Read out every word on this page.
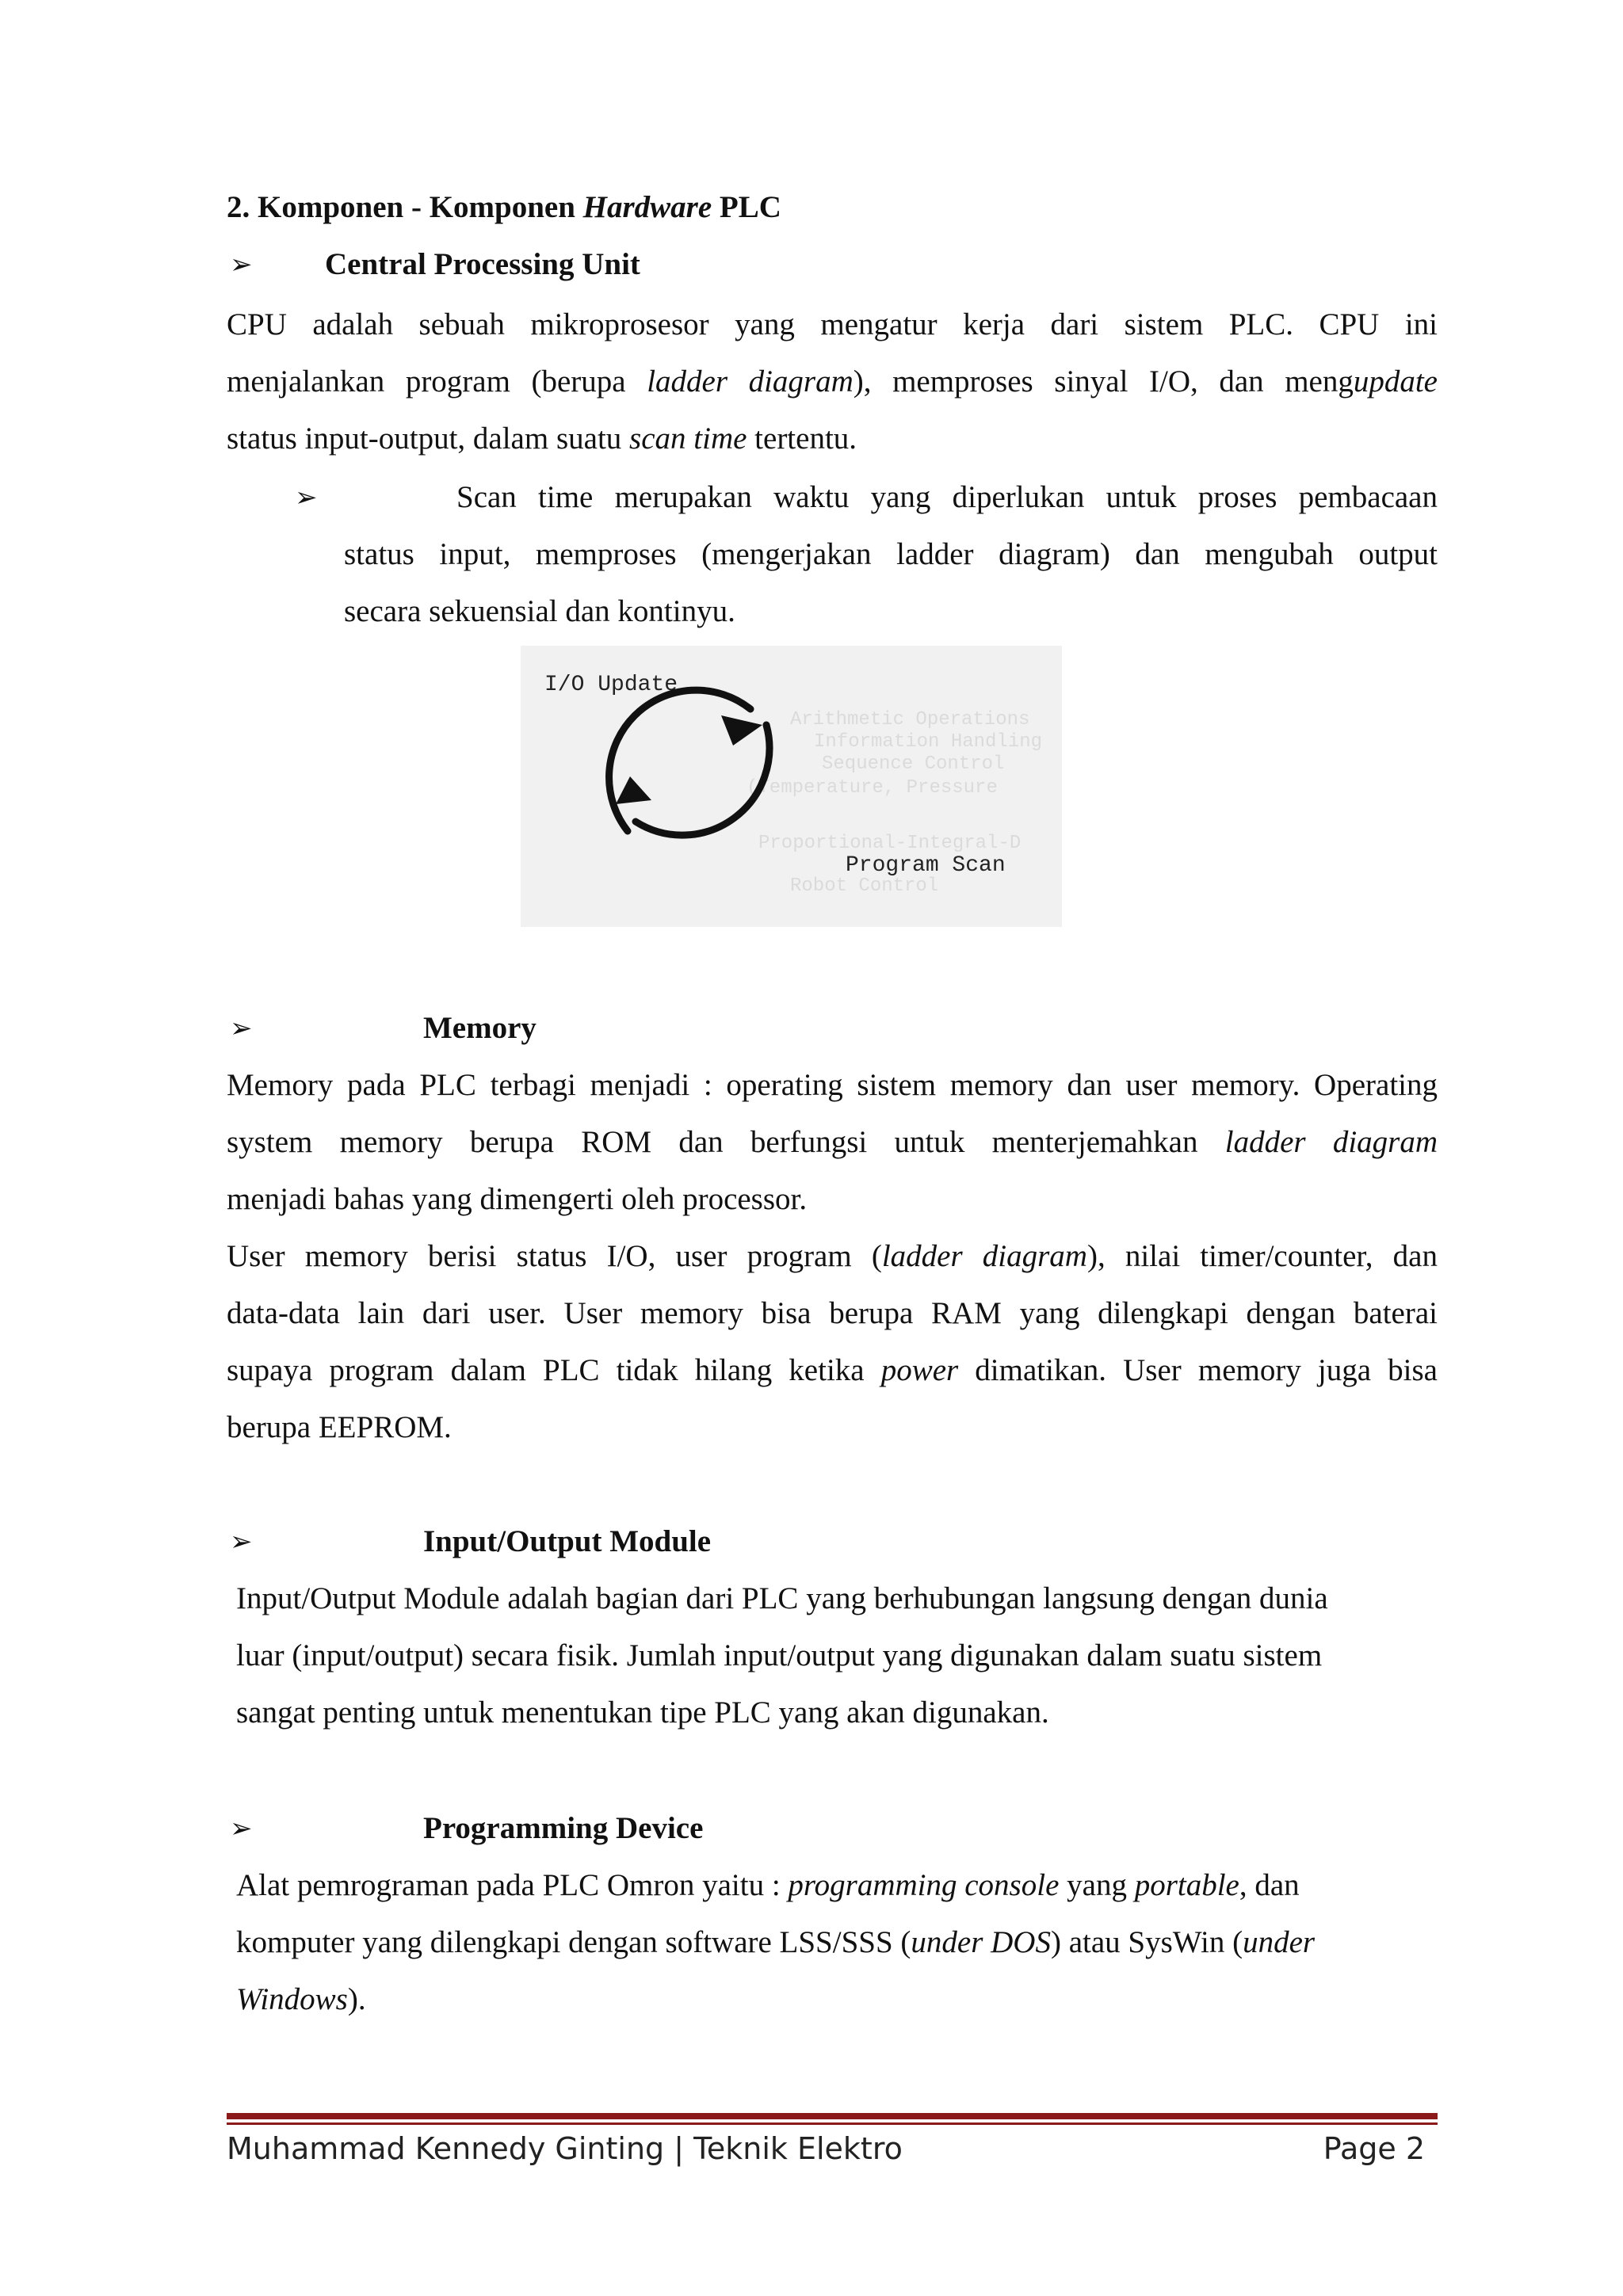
2. Komponen - Komponen Hardware PLC
➢ Central Processing Unit
CPU adalah sebuah mikroprosesor yang mengatur kerja dari sistem PLC. CPU ini
menjalankan program (berupa ladder diagram), memproses sinyal I/O, dan mengupdate
status input-output, dalam suatu scan time tertentu.
➢	Scan time merupakan waktu yang diperlukan untuk proses pembacaan
status input, memproses (mengerjakan ladder diagram) dan mengubah output
secara sekuensial dan kontinyu.
Arithmetic Operations
Information Handling
Sequence Control
(Temperature, Pressure
Proportional-Integral-D
Robot Control
I/O Update
Program Scan
➢	Memory
Memory pada PLC terbagi menjadi : operating sistem memory dan user memory. Operating
system memory berupa ROM dan berfungsi untuk menterjemahkan ladder diagram
menjadi bahas yang dimengerti oleh processor.
User memory berisi status I/O, user program (ladder diagram), nilai timer/counter, dan
data-data lain dari user. User memory bisa berupa RAM yang dilengkapi dengan baterai
supaya program dalam PLC tidak hilang ketika power dimatikan. User memory juga bisa
berupa EEPROM.
➢	Input/Output Module
Input/Output Module adalah bagian dari PLC yang berhubungan langsung dengan dunia
luar (input/output) secara fisik. Jumlah input/output yang digunakan dalam suatu sistem
sangat penting untuk menentukan tipe PLC yang akan digunakan.
➢	Programming Device
Alat pemrograman pada PLC Omron yaitu : programming console yang portable, dan
komputer yang dilengkapi dengan software LSS/SSS (under DOS) atau SysWin (under
Windows).
Muhammad Kennedy Ginting | Teknik Elektro	Page 2
